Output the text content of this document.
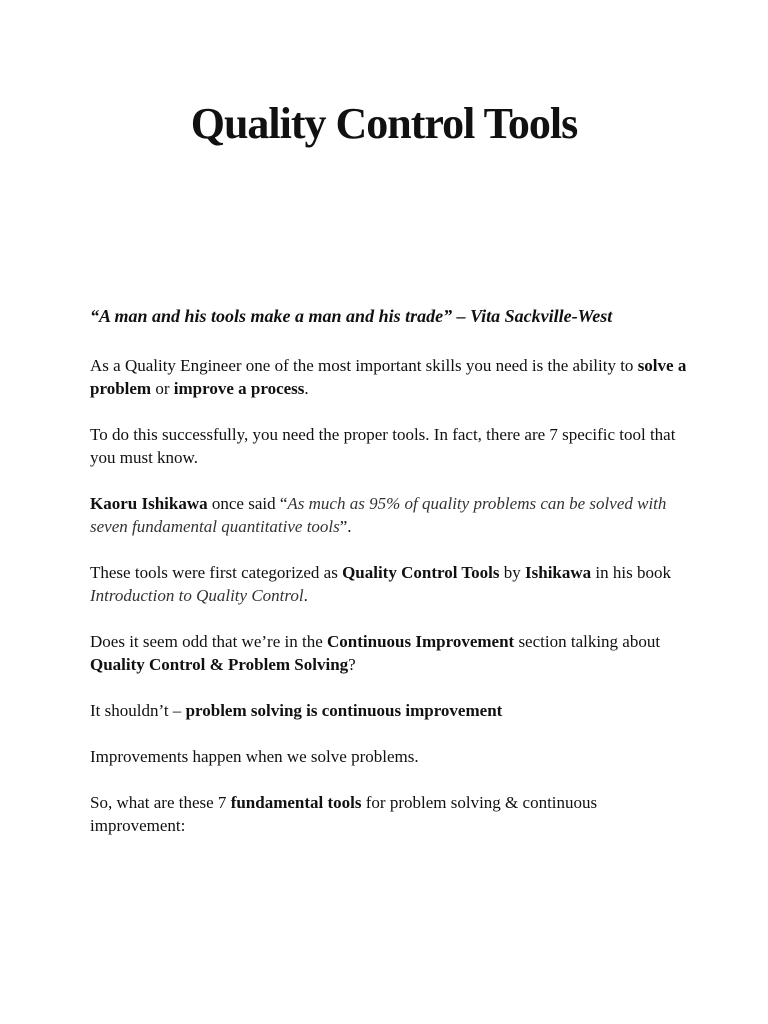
Quality Control Tools

“A man and his tools make a man and his trade” – Vita Sackville-West

As a Quality Engineer one of the most important skills you need is the ability to solve a problem or improve a process.

To do this successfully, you need the proper tools. In fact, there are 7 specific tool that you must know.

Kaoru Ishikawa once said “As much as 95% of quality problems can be solved with seven fundamental quantitative tools”.

These tools were first categorized as Quality Control Tools by Ishikawa in his book Introduction to Quality Control.

Does it seem odd that we’re in the Continuous Improvement section talking about Quality Control & Problem Solving?

It shouldn’t – problem solving is continuous improvement

Improvements happen when we solve problems.

So, what are these 7 fundamental tools for problem solving & continuous improvement:
